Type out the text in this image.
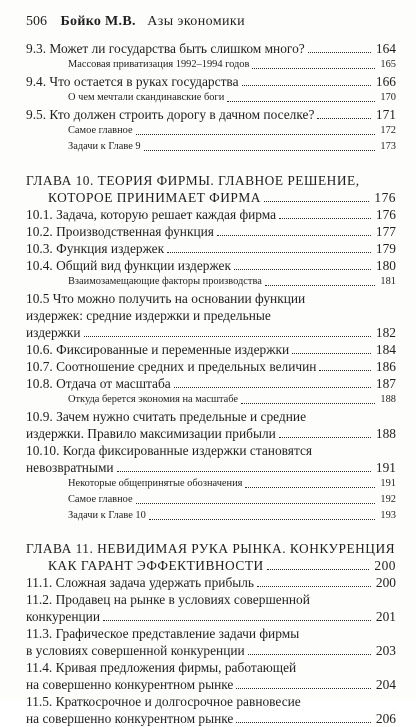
506 Бойко М.В. Азы экономики
9.3. Может ли государства быть слишком много?	164
Массовая приватизация 1992–1994 годов	165
9.4. Что остается в руках государства	166
О чем мечтали скандинавские боги	170
9.5. Кто должен строить дорогу в дачном поселке?	171
Самое главное	172
Задачи к Главе 9	173
ГЛАВА 10. ТЕОРИЯ ФИРМЫ. ГЛАВНОЕ РЕШЕНИЕ,
КОТОРОЕ ПРИНИМАЕТ ФИРМА	176
10.1. Задача, которую решает каждая фирма	176
10.2. Производственная функция	177
10.3. Функция издержек	179
10.4. Общий вид функции издержек	180
Взаимозамещающие факторы производства	181
10.5 Что можно получить на основании функции
издержек: средние издержки и предельные
издержки	182
10.6. Фиксированные и переменные издержки	184
10.7. Соотношение средних и предельных величин	186
10.8. Отдача от масштаба	187
Откуда берется экономия на масштабе	188
10.9. Зачем нужно считать предельные и средние
издержки. Правило максимизации прибыли	188
10.10. Когда фиксированные издержки становятся
невозвратными	191
Некоторые общепринятые обозначения	191
Самое главное	192
Задачи к Главе 10	193
ГЛАВА 11. НЕВИДИМАЯ РУКА РЫНКА. КОНКУРЕНЦИЯ
КАК ГАРАНТ ЭФФЕКТИВНОСТИ	200
11.1. Сложная задача удержать прибыль	200
11.2. Продавец на рынке в условиях совершенной
конкуренции	201
11.3. Графическое представление задачи фирмы
в условиях совершенной конкуренции	203
11.4. Кривая предложения фирмы, работающей
на совершенно конкурентном рынке	204
11.5. Краткосрочное и долгосрочное равновесие
на совершенно конкурентном рынке	206
